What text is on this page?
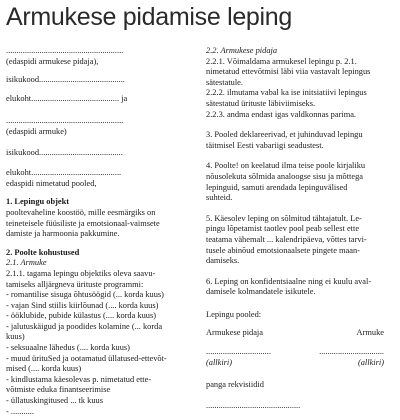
Armukese pidamise leping
........................................................
(edaspidi armukese pidaja),
isikukood.........................................
elukoht.......................................... ja
........................................................
(edaspidi armuke)
isikukood........................................
elukoht...........................................
edaspidi nimetatud pooled,
1. Lepingu objekt
pooltevaheline koostöö, mille eesmärgiks on
teineteisele füüsiliste ja emotsionaal-vaimsete
damiste ja harmoonia pakkumine.
2. Poolte kohustused
2.1. Armuke
2.1.1. tagama lepingu objektiks oleva saavu-
tamiseks alljärgneva ürituste programmi:
- romantilise sisuga õhtusöögid (... korda kuus)
- vajan Sind stiilis kiirlõunad (.... korda kuus)
- ööklubide, pubide külastus (.... korda kuus)
- jalutuskäigud ja poodides kolamine (... korda
kuus)
- seksuaalne lähedus (.... korda kuus)
- muud ürituSed ja ootamatud üllatused-ettevõt-
mised (.... korda kuus)
- kindlustama käesolevas p. nimetatud ette-
võtmiste eduka finantseerimise
- üllatuskingitused ... tk kuus
- ...........
2.2. Armukese pidaja
2.2.1. Võimaldama armukesel lepingu p. 2.1.
nimetatud ettevõtmisi läbi viia vastavalt lepingus
sätestatule.
2.2.2. ilmutama vabal ka ise initsiatiivi lepingus
sätestatud ürituste läbiviimiseks.
2.2.3. andma endast igas valdkonnas parima.
3. Pooled deklareerivad, et juhinduvad lepingu
täitmisel Eesti vabariigi seadustest.
4. Poolte! on keelatud ilma teise poole kirjaliku
nõusolekuta sõlmida analoogse sisu ja mõttega
lepinguid, samuti arendada lepinguvälised
suhteid.
5. Käesolev leping on sõlmitud tähtajatult. Le-
pingu lõpetamist taotlev pool peab sellest ette
teatama vähemalt ... kalendripäeva, võttes tarvi-
tusele abinõud emotsionaalsete pingete maan-
damiseks.
6. Leping on konfidentsiaalne ning ei kuulu aval-
damisele kolmandatele isikutele.
Lepingu pooled:
Armukese pidaja	Armuke
...............................	...............................
(allkiri)	(allkiri)
panga rekvisiidid
.............................................
